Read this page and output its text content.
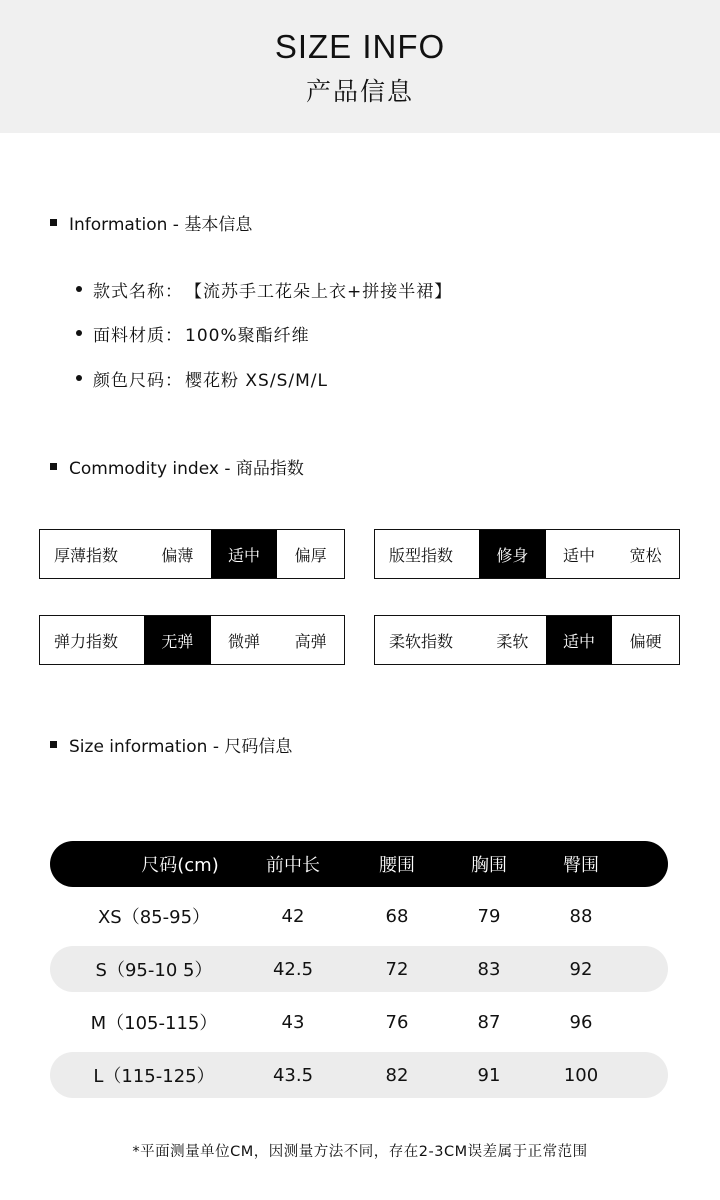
SIZE INFO
产品信息
Information - 基本信息
款式名称： 【流苏手工花朵上衣+拼接半裙】
面料材质： 100%聚酯纤维
颜色尺码： 樱花粉 XS/S/M/L
Commodity index - 商品指数
厚薄指数	偏薄	适中	偏厚	版型指数	修身	适中	宽松
弹力指数	无弹	微弹	高弹	柔软指数	柔软	适中	偏硬
Size information - 尺码信息
尺码(cm)	前中长	腰围	胸围	臀围
XS（85-95）	42	68	79	88
S（95-10 5）	42.5	72	83	92
M（105-115）	43	76	87	96
L（115-125）	43.5	82	91	100
*平面测量单位CM，因测量方法不同，存在2-3CM误差属于正常范围
